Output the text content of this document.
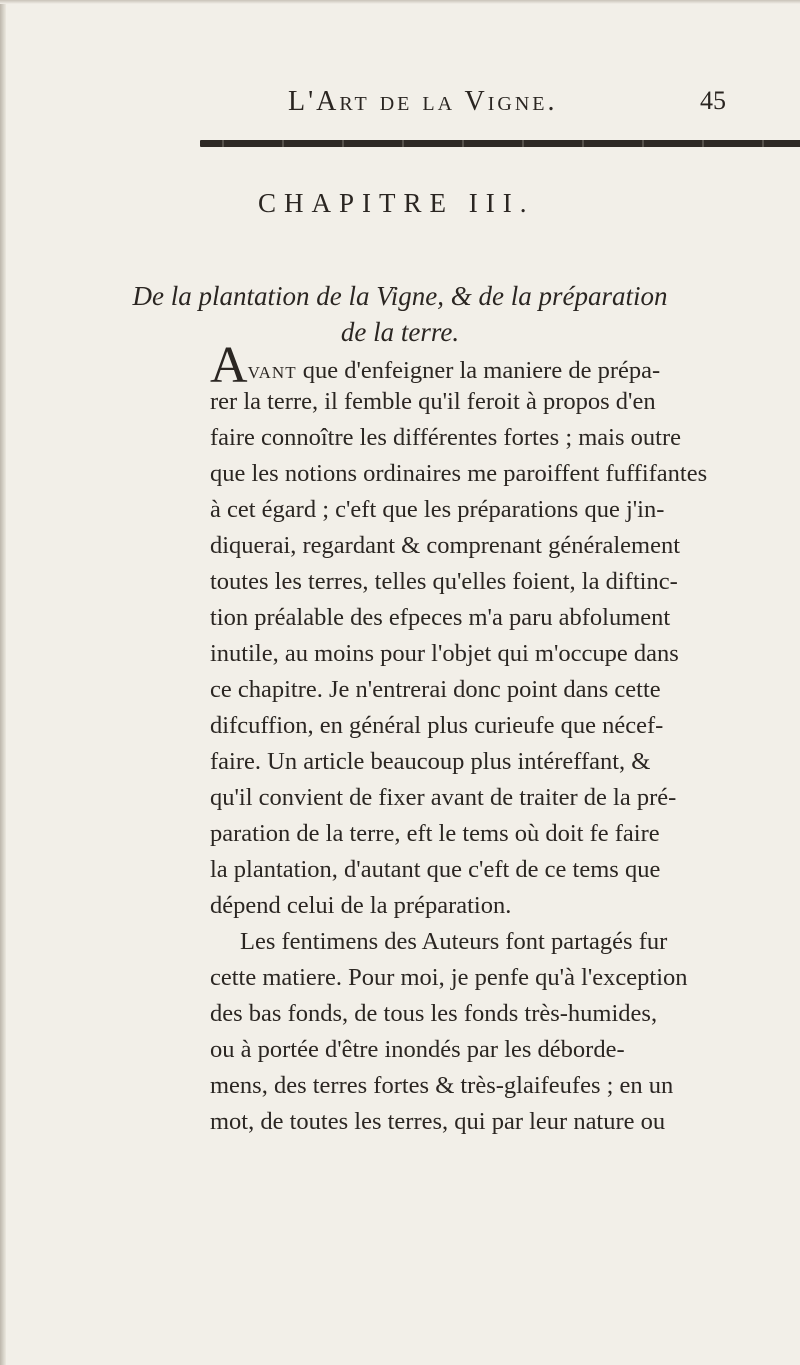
L'Art de la Vigne.	45
CHAPITRE III.
De la plantation de la Vigne, & de la préparation
de la terre.
Avant que d'enfeigner la maniere de prépa-
rer la terre, il femble qu'il feroit à propos d'en
faire connoître les différentes fortes ; mais outre
que les notions ordinaires me paroiffent fuffifantes
à cet égard ; c'eft que les préparations que j'in-
diquerai, regardant & comprenant généralement
toutes les terres, telles qu'elles foient, la diftinc-
tion préalable des efpeces m'a paru abfolument
inutile, au moins pour l'objet qui m'occupe dans
ce chapitre. Je n'entrerai donc point dans cette
difcuffion, en général plus curieufe que nécef-
faire. Un article beaucoup plus intéreffant, &
qu'il convient de fixer avant de traiter de la pré-
paration de la terre, eft le tems où doit fe faire
la plantation, d'autant que c'eft de ce tems que
dépend celui de la préparation.
Les fentimens des Auteurs font partagés fur
cette matiere. Pour moi, je penfe qu'à l'exception
des bas fonds, de tous les fonds très-humides,
ou à portée d'être inondés par les déborde-
mens, des terres fortes & très-glaifeufes ; en un
mot, de toutes les terres, qui par leur nature ou
